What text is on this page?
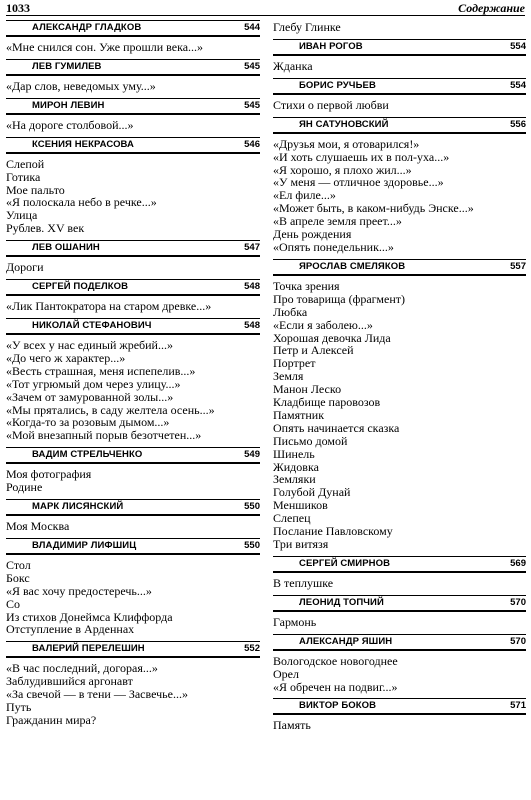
1033	Содержание
АЛЕКСАНДР ГЛАДКОВ	544
«Мне снился сон. Уже прошли века...»
ЛЕВ ГУМИЛЕВ	545
«Дар слов, неведомых уму...»
МИРОН ЛЕВИН	545
«На дороге столбовой...»
КСЕНИЯ НЕКРАСОВА	546
Слепой
Готика
Мое пальто
«Я полоскала небо в речке...»
Улица
Рублев. XV век
ЛЕВ ОШАНИН	547
Дороги
СЕРГЕЙ ПОДЕЛКОВ	548
«Лик Пантократора на старом древке...»
НИКОЛАЙ СТЕФАНОВИЧ	548
«У всех у нас единый жребий...»
«До чего ж характер...»
«Весть страшная, меня испепелив...»
«Тот угрюмый дом через улицу...»
«Зачем от замурованной золы...»
«Мы прятались, в саду желтела осень...»
«Когда-то за розовым дымом...»
«Мой внезапный порыв безотчетен...»
ВАДИМ СТРЕЛЬЧЕНКО	549
Моя фотография
Родине
МАРК ЛИСЯНСКИЙ	550
Моя Москва
ВЛАДИМИР ЛИФШИЦ	550
Стол
Бокс
«Я вас хочу предостеречь...»
Со
Из стихов Донеймса Клиффорда
Отступление в Арденнах
ВАЛЕРИЙ ПЕРЕЛЕШИН	552
«В час последний, догорая...»
Заблудившийся аргонавт
«За свечой — в тени — Засвечье...»
Путь
Гражданин мира?
Глебу Глинке
ИВАН РОГОВ	554
Жданка
БОРИС РУЧЬЕВ	554
Стихи о первой любви
ЯН САТУНОВСКИЙ	556
«Друзья мои, я отоварился!»
«И хоть слушаешь их в пол-уха...»
«Я хорошо, я плохо жил...»
«У меня — отличное здоровье...»
«Ел филе...»
«Может быть, в каком-нибудь Энске...»
«В апреле земля преет...»
День рождения
«Опять понедельник...»
ЯРОСЛАВ СМЕЛЯКОВ	557
Точка зрения
Про товарища (фрагмент)
Любка
«Если я заболею...»
Хорошая девочка Лида
Петр и Алексей
Портрет
Земля
Манон Леско
Кладбище паровозов
Памятник
Опять начинается сказка
Письмо домой
Шинель
Жидовка
Земляки
Голубой Дунай
Меншиков
Слепец
Послание Павловскому
Три витязя
СЕРГЕЙ СМИРНОВ	569
В теплушке
ЛЕОНИД ТОПЧИЙ	570
Гармонь
АЛЕКСАНДР ЯШИН	570
Вологодское новогоднее
Орел
«Я обречен на подвиг...»
ВИКТОР БОКОВ	571
Память
